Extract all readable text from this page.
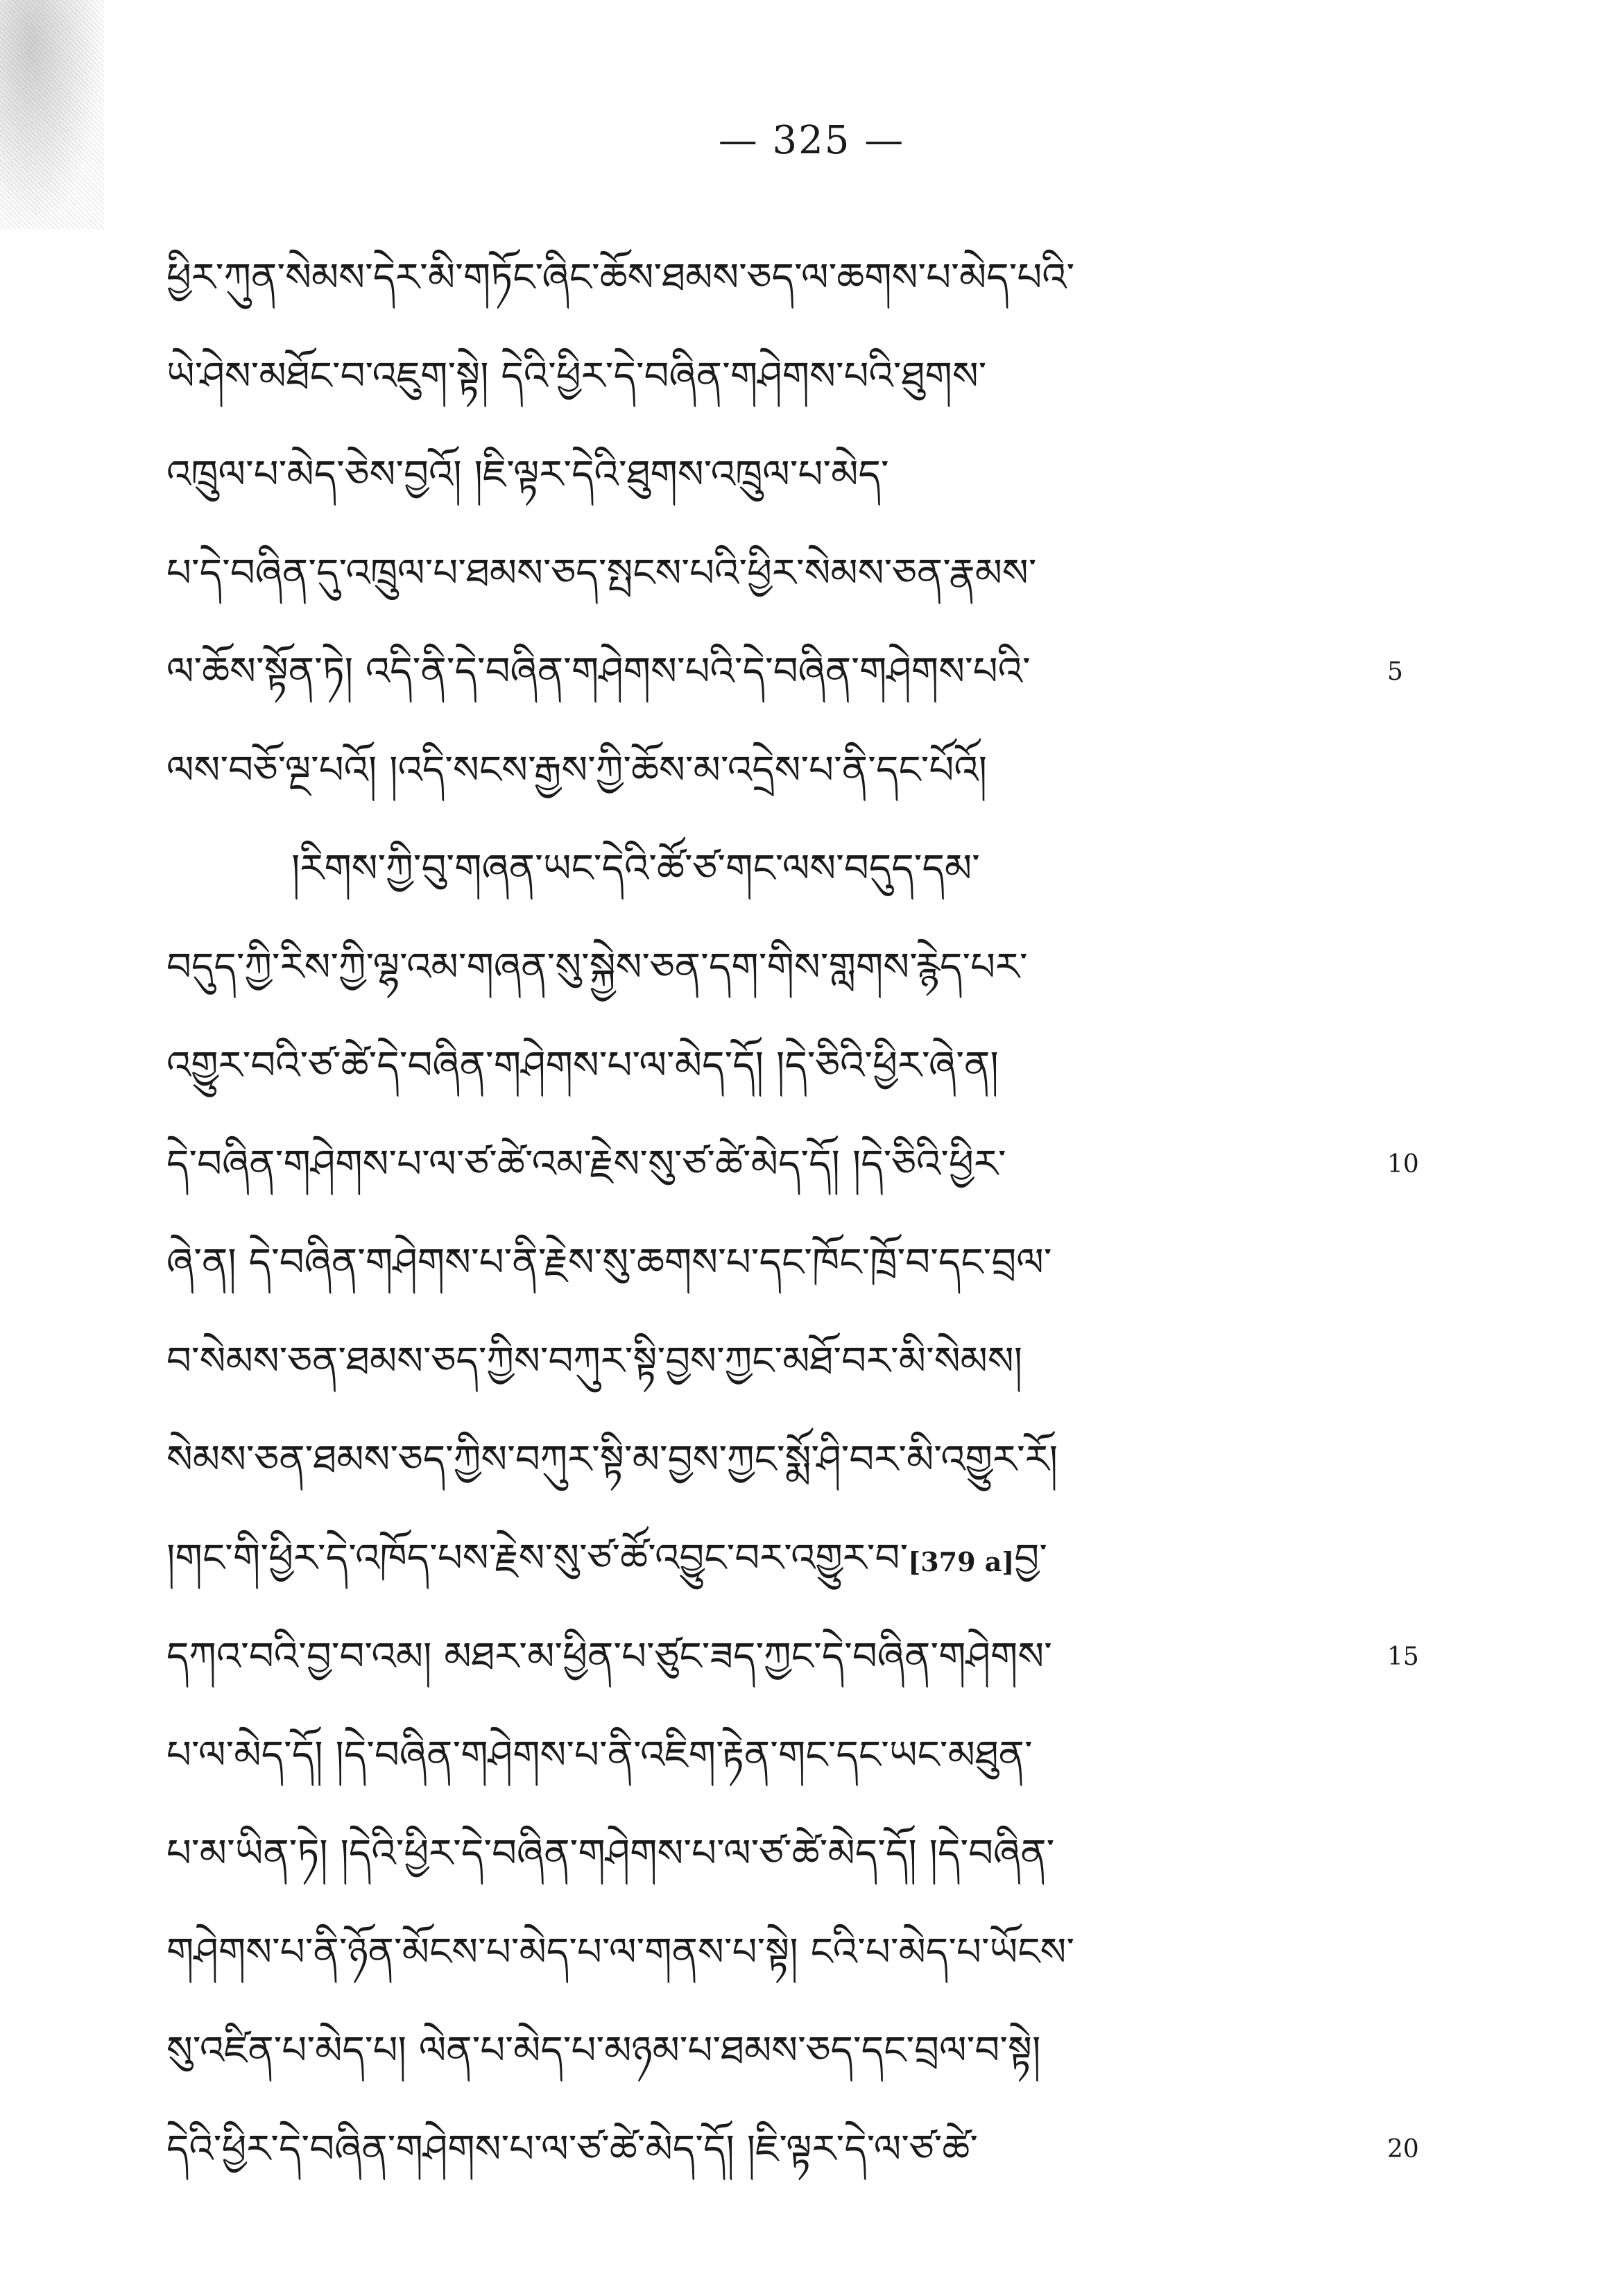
— 325 —
ཕྱིར་ཀུན་སེམས་དེར་མི་གཏོང་ཞིང་ཆོས་ཐམས་ཅད་ལ་ཆགས་པ་མེད་པའི་
ཡེ་ཤེས་མཐོང་བ་འཇུག་སྟེ། དེའི་ཕྱིར་དེ་བཞིན་གཤེགས་པའི་ཐུགས་
འཁྲུལ་པ་མེད་ཅེས་བྱའོ། །ཇི་ལྟར་དེའི་ཐུགས་འཁྲུལ་པ་མེད་
པ་དེ་བཞིན་དུ་འཁྲུལ་པ་ཐམས་ཅད་སྤངས་པའི་ཕྱིར་སེམས་ཅན་རྣམས་
ལ་ཆོས་སྟོན་ཏེ། འདི་ནི་དེ་བཞིན་གཤེགས་པའི་དེ་བཞིན་གཤེགས་པའི་
ལས་བཅོ་ལྔ་པའོ། །འདི་སངས་རྒྱས་ཀྱི་ཆོས་མ་འདྲེས་པ་ནི་དང་པོའོ།
།རིགས་ཀྱི་བུ་གཞན་ཡང་དེའི་ཚོ་ཙ་གང་ལས་བདུད་དམ་
བདུད་ཀྱི་རིས་ཀྱི་ལྷ་འམ་གཞན་སུ་སྐྱེས་ཅན་དག་གིས་གླགས་རྙེད་པར་
འགྱུར་བའི་ཙ་ཚེ་དེ་བཞིན་གཤེགས་པ་ལ་མེད་དོ། །དེ་ཅིའི་ཕྱིར་ཞེ་ན།
དེ་བཞིན་གཤེགས་པ་ལ་ཙ་ཚེ་འམ་རྗེས་སུ་ཙ་ཚེ་མེད་དོ། །དེ་ཅིའི་ཕྱིར་
ཞེ་ན། དེ་བཞིན་གཤེགས་པ་ནི་རྗེས་སུ་ཆགས་པ་དང་ཁོང་ཁྲོ་བ་དང་བྲལ་
བ་སེམས་ཅན་ཐམས་ཅད་ཀྱིས་བཀུར་སྟི་བྱས་ཀྱང་མཐོ་བར་མི་སེམས།
སེམས་ཅན་ཐམས་ཅད་ཀྱིས་བཀུར་སྟི་མ་བྱས་ཀྱང་སྨོ་ཤི་བར་མི་འགྱུར་རོ།
།གང་གི་ཕྱིར་དེ་འཁོད་པས་རྗེས་སུ་ཙ་ཚོ་འབྱུང་བར་འགྱུར་བ་[379 a]བྱ་
དཀའ་བའི་བྱ་བ་འམ། མཐར་མ་ཕྱིན་པ་ཙུང་ཟད་ཀྱང་དེ་བཞིན་གཤེགས་
པ་ལ་མེད་དོ། །དེ་བཞིན་གཤེགས་པ་ནི་འཇིག་རྟེན་གང་དང་ཡང་མཐུན་
པ་མ་ཡིན་ཏེ། །དེའི་ཕྱིར་དེ་བཞིན་གཤེགས་པ་ལ་ཙ་ཚེ་མེད་དོ། །དེ་བཞིན་
གཤེགས་པ་ནི་ཉོན་མོངས་པ་མེད་པ་ལ་གནས་པ་སྟེ། ངའི་པ་མེད་པ་ཡོངས་
སུ་འཛིན་པ་མེད་པ། ལེན་པ་མེད་པ་མཉམ་པ་ཐམས་ཅད་དང་བྲལ་བ་སྟེ།
དེའི་ཕྱིར་དེ་བཞིན་གཤེགས་པ་ལ་ཙ་ཚེ་མེད་དོ། །ཇི་ལྟར་དེ་ལ་ཙ་ཚེ་
5
10
15
20
